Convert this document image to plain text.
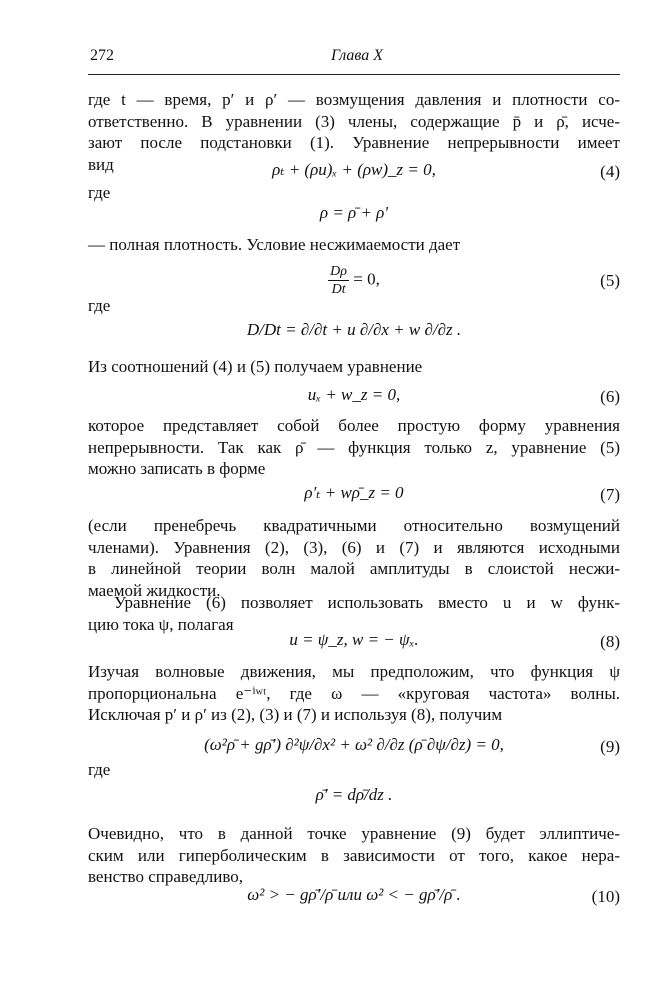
272	Глава X
где t — время, p′ и ρ′ — возмущения давления и плотности со-
ответственно. В уравнении (3) члены, содержащие p̄ и ρ̄, исче-
зают после подстановки (1). Уравнение непрерывности имеет
вид	ρₜ + (ρu)ₓ + (ρw)_z = 0,	(4)
где
ρ = ρ̄ + ρ′
— полная плотность. Условие несжимаемости дает
$\frac{D\rho}{Dt} = 0$,	(5)
где
D/Dt = ∂/∂t + u ∂/∂x + w ∂/∂z .
Из соотношений (4) и (5) получаем уравнение
uₓ + w_z = 0,	(6)
которое представляет собой более простую форму уравнения
непрерывности. Так как ρ̄ — функция только z, уравнение (5)
можно записать в форме
ρ′ₜ + wρ̄_z = 0	(7)
(если пренебречь квадратичными относительно возмущений
членами). Уравнения (2), (3), (6) и (7) и являются исходными
в линейной теории волн малой амплитуды в слоистой несжи-
маемой жидкости.
Уравнение (6) позволяет использовать вместо u и w функ-
цию тока ψ, полагая
u = ψ_z, w = − ψₓ.	(8)
Изучая волновые движения, мы предположим, что функция ψ
пропорциональна e⁻ⁱʷᵗ, где ω — «круговая частота» волны.
Исключая p′ и ρ′ из (2), (3) и (7) и используя (8), получим
(ω²ρ̄ + gρ̄′) ∂²ψ/∂x² + ω² ∂/∂z (ρ̄ ∂ψ/∂z) = 0,	(9)
где
ρ̄′ = dρ̄/dz .
Очевидно, что в данной точке уравнение (9) будет эллиптиче-
ским или гиперболическим в зависимости от того, какое нера-
венство справедливо,
ω² > − gρ̄′/ρ̄ или ω² < − gρ̄′/ρ̄ .	(10)
